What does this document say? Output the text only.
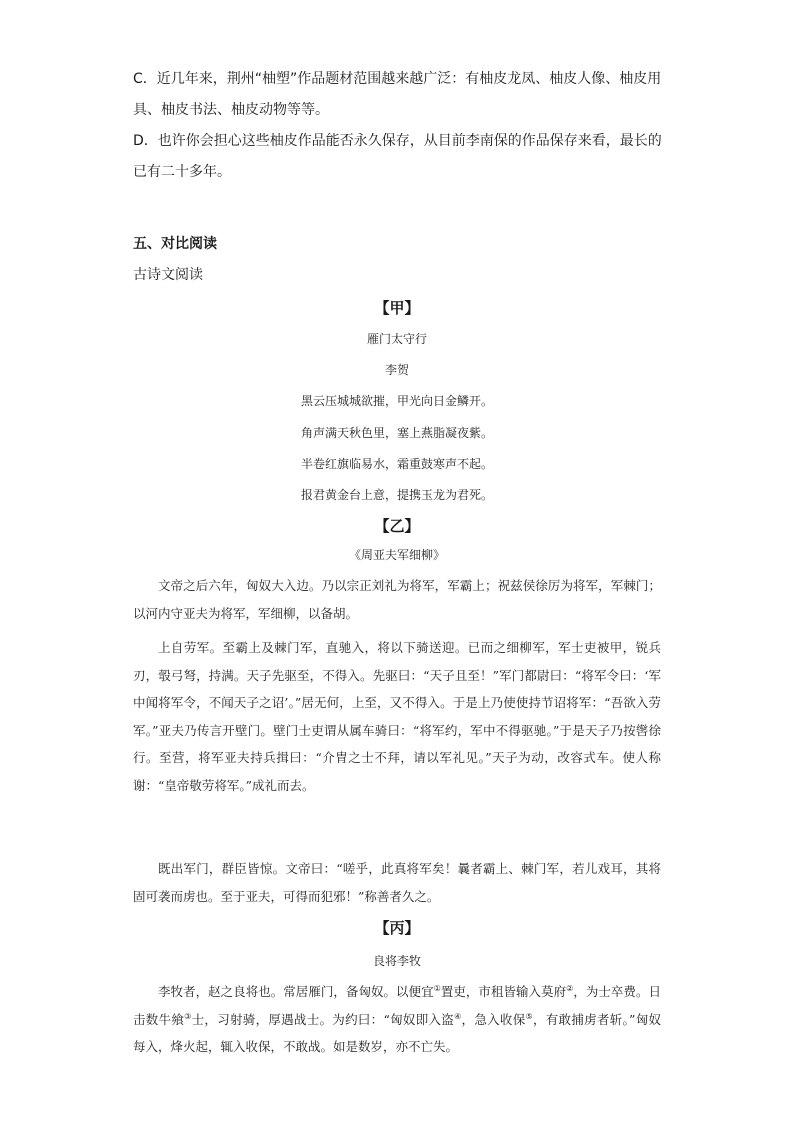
C．近几年来，荆州“柚塑”作品题材范围越来越广泛：有柚皮龙凤、柚皮人像、柚皮用具、柚皮书法、柚皮动物等等。

D．也许你会担心这些柚皮作品能否永久保存，从目前李南保的作品保存来看，最长的已有二十多年。

五、对比阅读

古诗文阅读

【甲】

雁门太守行

李贺

黑云压城城欲摧，甲光向日金鳞开。

角声满天秋色里，塞上燕脂凝夜紫。

半卷红旗临易水，霜重鼓寒声不起。

报君黄金台上意，提携玉龙为君死。

【乙】

《周亚夫军细柳》

文帝之后六年，匈奴大入边。乃以宗正刘礼为将军，军霸上；祝兹侯徐厉为将军，军棘门；以河内守亚夫为将军，军细柳，以备胡。

上自劳军。至霸上及棘门军，直驰入，将以下骑送迎。已而之细柳军，军士吏被甲，锐兵刃，彀弓弩，持满。天子先驱至，不得入。先驱曰：“天子且至！”军门都尉曰：“将军令曰：‘军中闻将军令，不闻天子之诏’。”居无何，上至，又不得入。于是上乃使使持节诏将军：“吾欲入劳军。”亚夫乃传言开壁门。壁门士吏谓从属车骑曰：“将军约，军中不得驱驰。”于是天子乃按辔徐行。至营，将军亚夫持兵揖曰：“介胄之士不拜，请以军礼见。”天子为动，改容式车。使人称谢：“皇帝敬劳将军。”成礼而去。

既出军门，群臣皆惊。文帝曰：“嗟乎，此真将军矣！曩者霸上、棘门军，若儿戏耳，其将固可袭而虏也。至于亚夫，可得而犯邪！”称善者久之。

【丙】

良将李牧

李牧者，赵之良将也。常居雁门，备匈奴。以便宜①置吏，市租皆输入莫府②，为士卒费。日击数牛飨③士，习射骑，厚遇战士。为约曰：“匈奴即入盗④，急入收保⑤，有敢捕虏者斩。”匈奴每入，烽火起，辄入收保，不敢战。如是数岁，亦不亡失。
